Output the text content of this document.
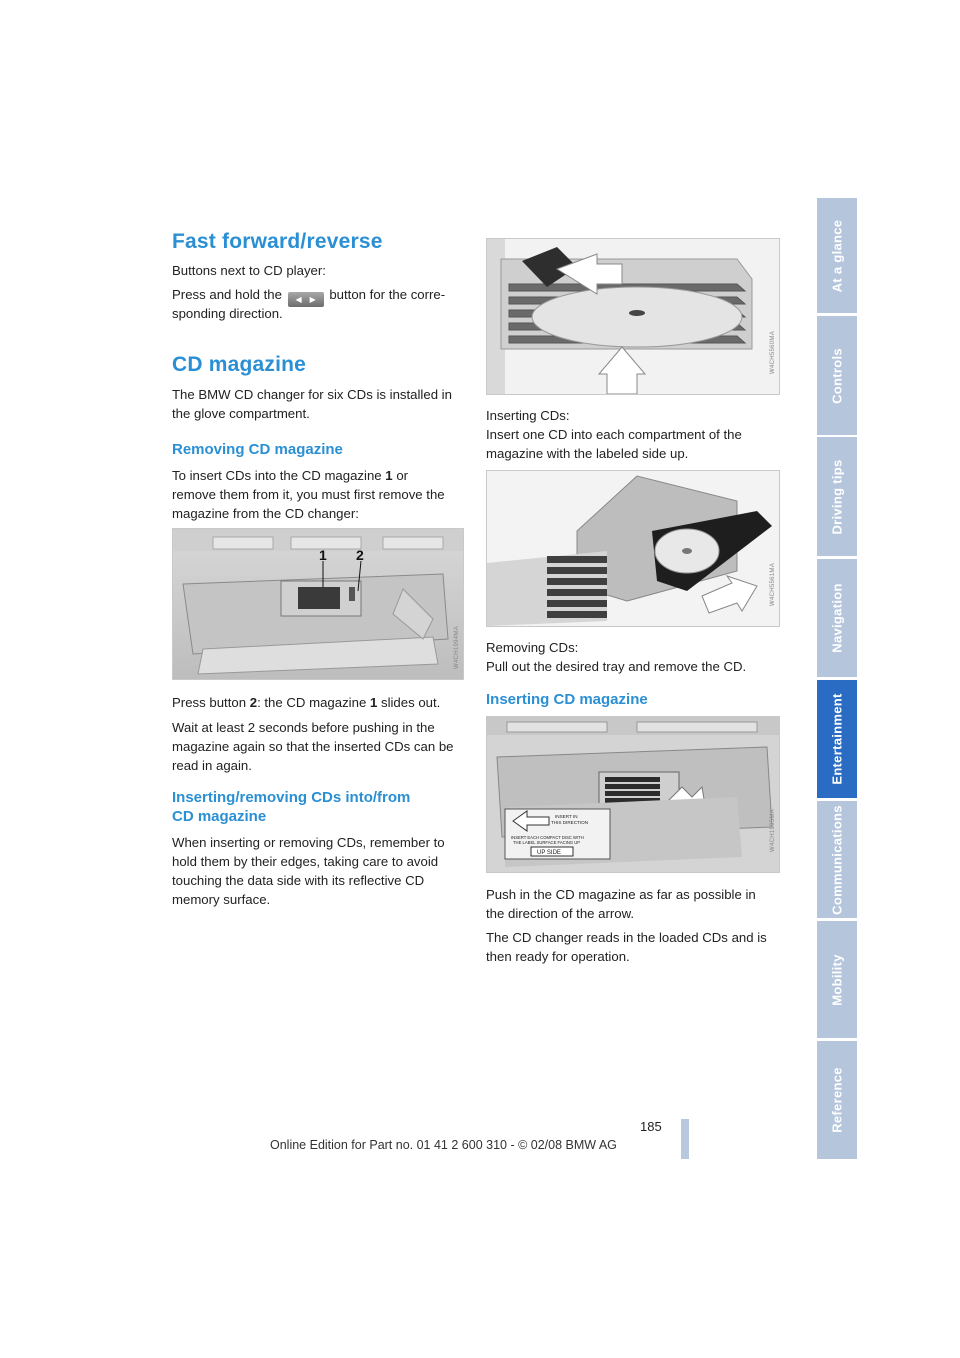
Fast forward/reverse

Buttons next to CD player:

Press and hold the ◀ ▶ button for the corre-

sponding direction.

CD magazine

The BMW CD changer for six CDs is installed in

the glove compartment.

Removing CD magazine

To insert CDs into the CD magazine 1 or

remove them from it, you must first remove the

magazine from the CD changer:

1 2
W4CH1994MA

Press button 2: the CD magazine 1 slides out.

Wait at least 2 seconds before pushing in the

magazine again so that the inserted CDs can be

read in again.

Inserting/removing CDs into/from
CD magazine

When inserting or removing CDs, remember to

hold them by their edges, taking care to avoid

touching the data side with its reflective CD

memory surface.

W4CH5560MA

Inserting CDs:

Insert one CD into each compartment of the

magazine with the labeled side up.

W4CH5561MA

Removing CDs:

Pull out the desired tray and remove the CD.

Inserting CD magazine
INSERT IN
THIS DIRECTION
INSERT EACH COMPACT DISC WITH
THE LABEL SURFACE FACING UP
UP SIDE
W4CH1995MA

Push in the CD magazine as far as possible in

the direction of the arrow.

The CD changer reads in the loaded CDs and is

then ready for operation.

At a glance
Controls
Driving tips
Navigation
Entertainment
Communications
Mobility
Reference
185
Online Edition for Part no. 01 41 2 600 310 - © 02/08 BMW AG
